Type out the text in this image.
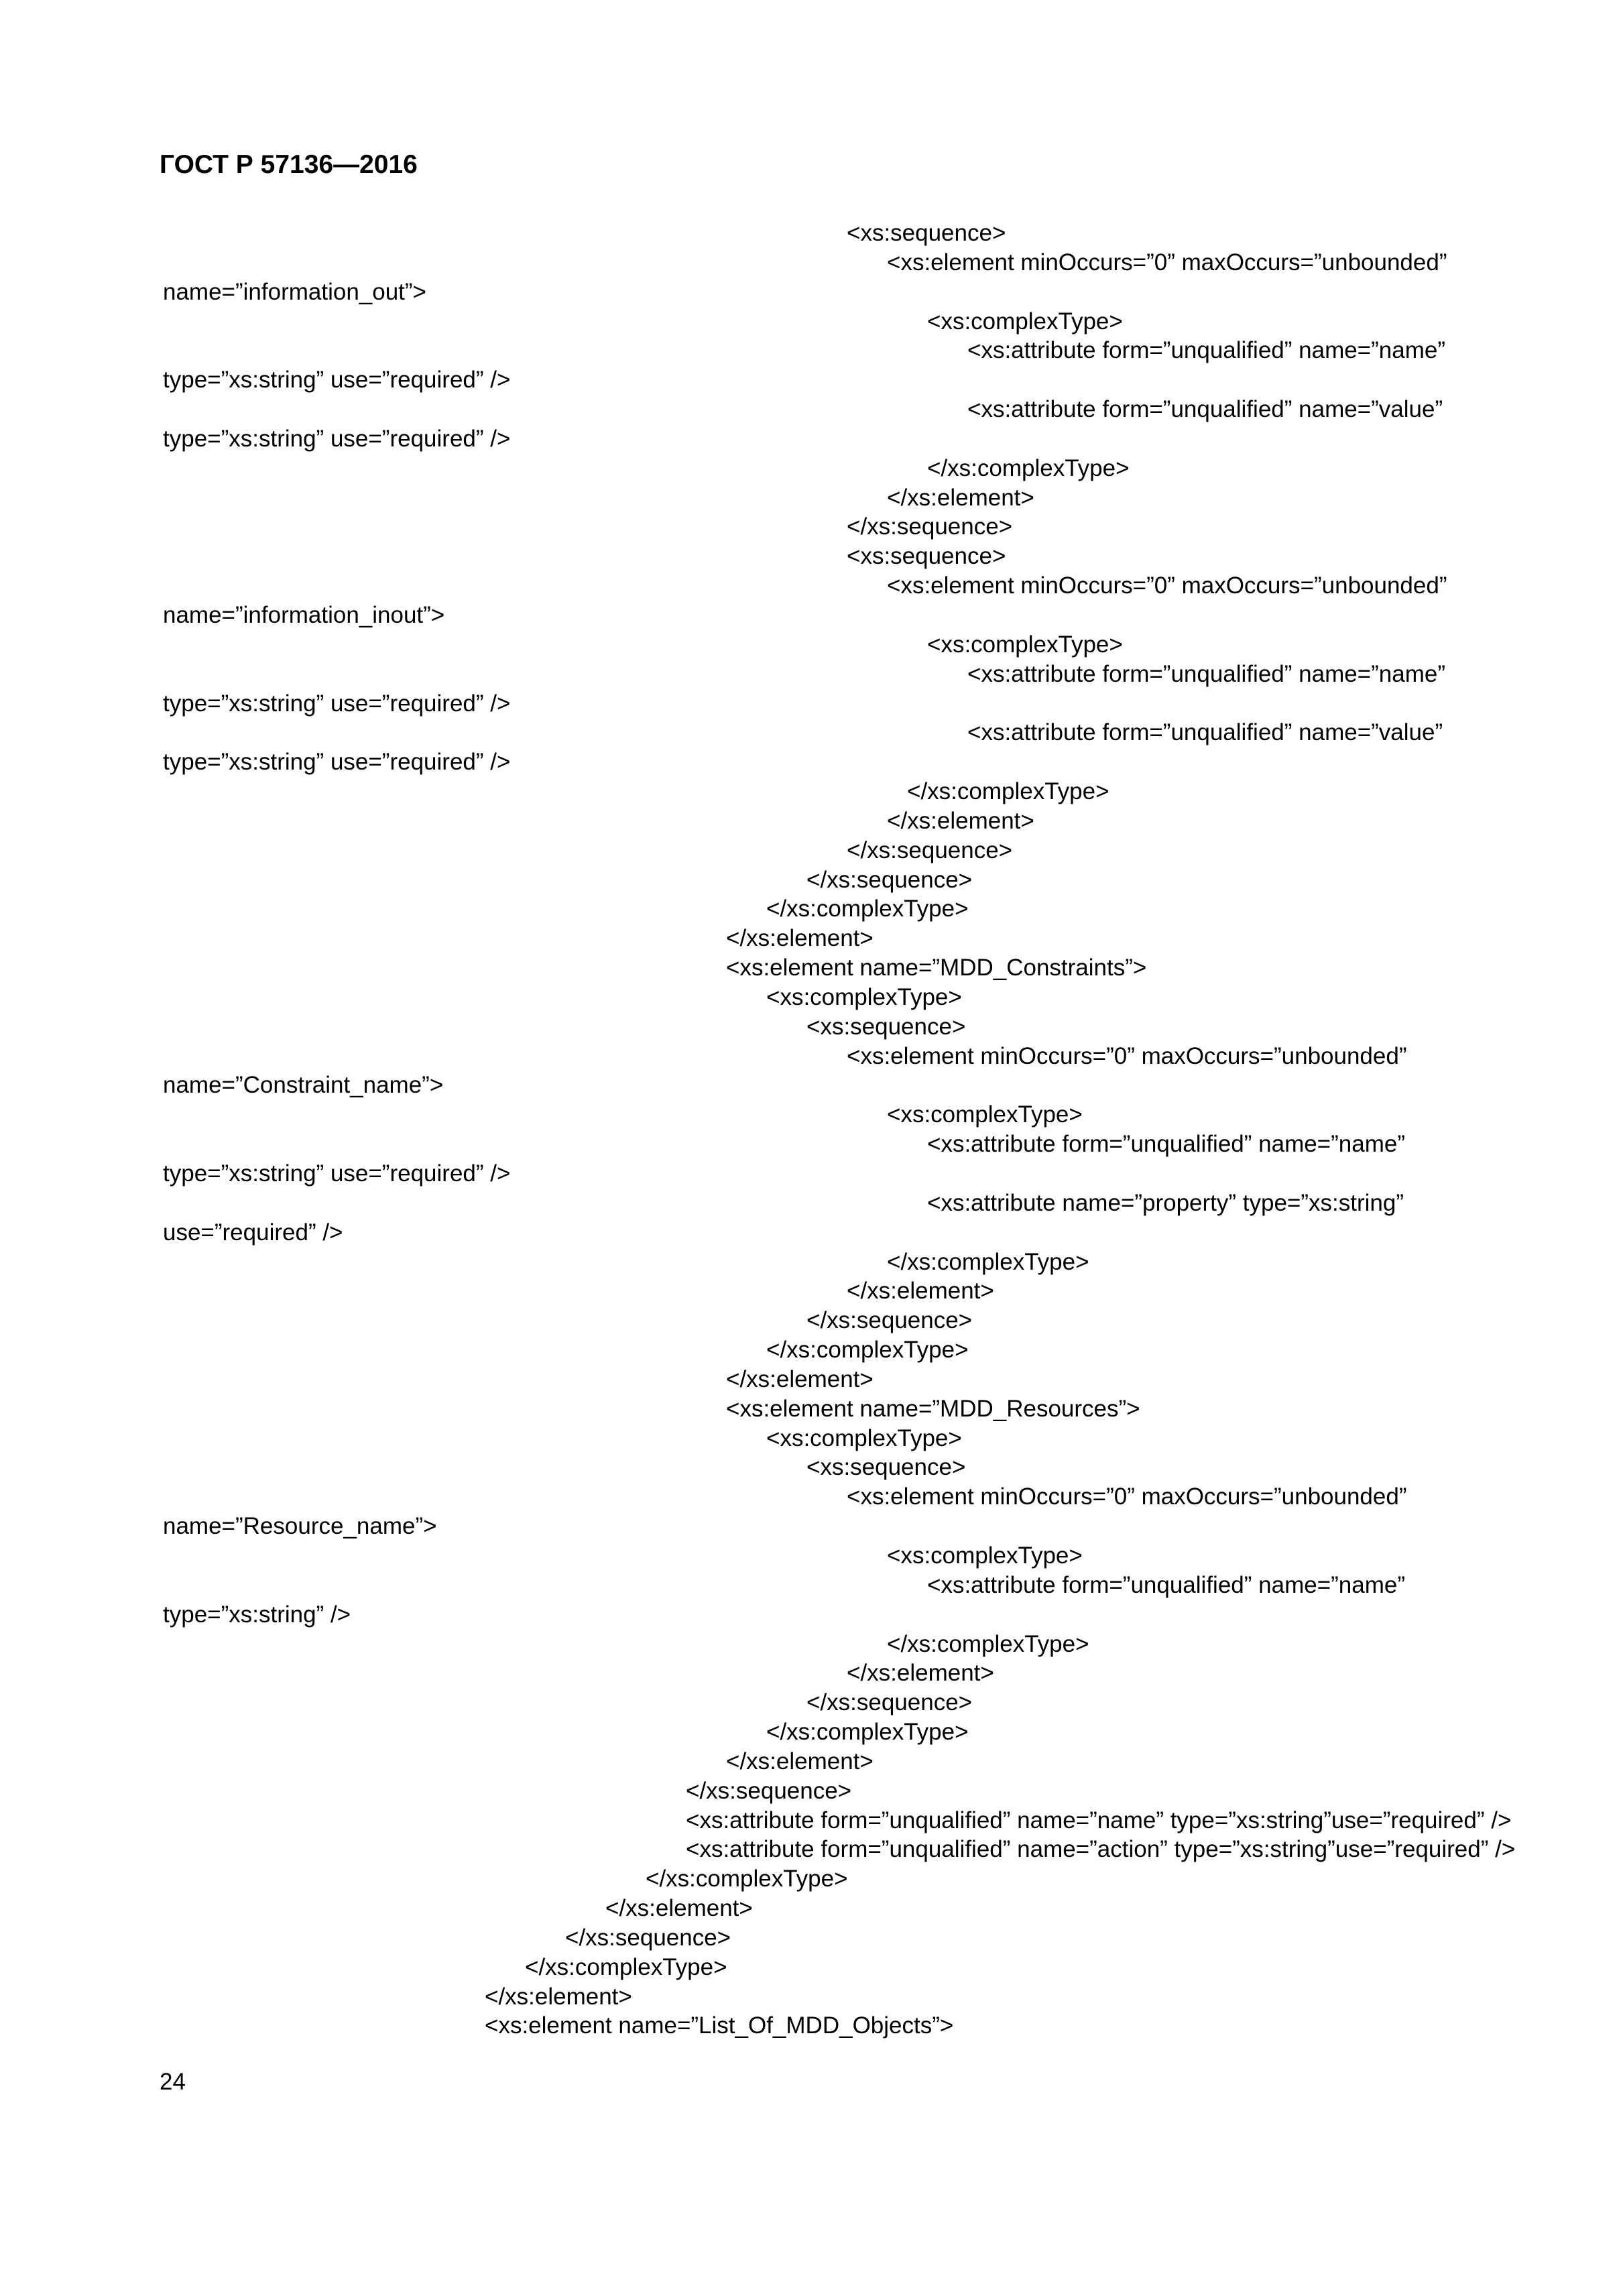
ГОСТ Р 57136—2016
<xs:sequence>
<xs:element minOccurs=”0” maxOccurs=”unbounded”
name=”information_out”>
<xs:complexType>
<xs:attribute form=”unqualified” name=”name”
type=”xs:string” use=”required” />
<xs:attribute form=”unqualified” name=”value”
type=”xs:string” use=”required” />
</xs:complexType>
</xs:element>
</xs:sequence>
<xs:sequence>
<xs:element minOccurs=”0” maxOccurs=”unbounded”
name=”information_inout”>
<xs:complexType>
<xs:attribute form=”unqualified” name=”name”
type=”xs:string” use=”required” />
<xs:attribute form=”unqualified” name=”value”
type=”xs:string” use=”required” />
</xs:complexType>
</xs:element>
</xs:sequence>
</xs:sequence>
</xs:complexType>
</xs:element>
<xs:element name=”MDD_Constraints”>
<xs:complexType>
<xs:sequence>
<xs:element minOccurs=”0” maxOccurs=”unbounded”
name=”Constraint_name”>
<xs:complexType>
<xs:attribute form=”unqualified” name=”name”
type=”xs:string” use=”required” />
<xs:attribute name=”property” type=”xs:string”
use=”required” />
</xs:complexType>
</xs:element>
</xs:sequence>
</xs:complexType>
</xs:element>
<xs:element name=”MDD_Resources”>
<xs:complexType>
<xs:sequence>
<xs:element minOccurs=”0” maxOccurs=”unbounded”
name=”Resource_name”>
<xs:complexType>
<xs:attribute form=”unqualified” name=”name”
type=”xs:string” />
</xs:complexType>
</xs:element>
</xs:sequence>
</xs:complexType>
</xs:element>
</xs:sequence>
<xs:attribute form=”unqualified” name=”name” type=”xs:string”use=”required” />
<xs:attribute form=”unqualified” name=”action” type=”xs:string”use=”required” />
</xs:complexType>
</xs:element>
</xs:sequence>
</xs:complexType>
</xs:element>
<xs:element name=”List_Of_MDD_Objects”>
24
